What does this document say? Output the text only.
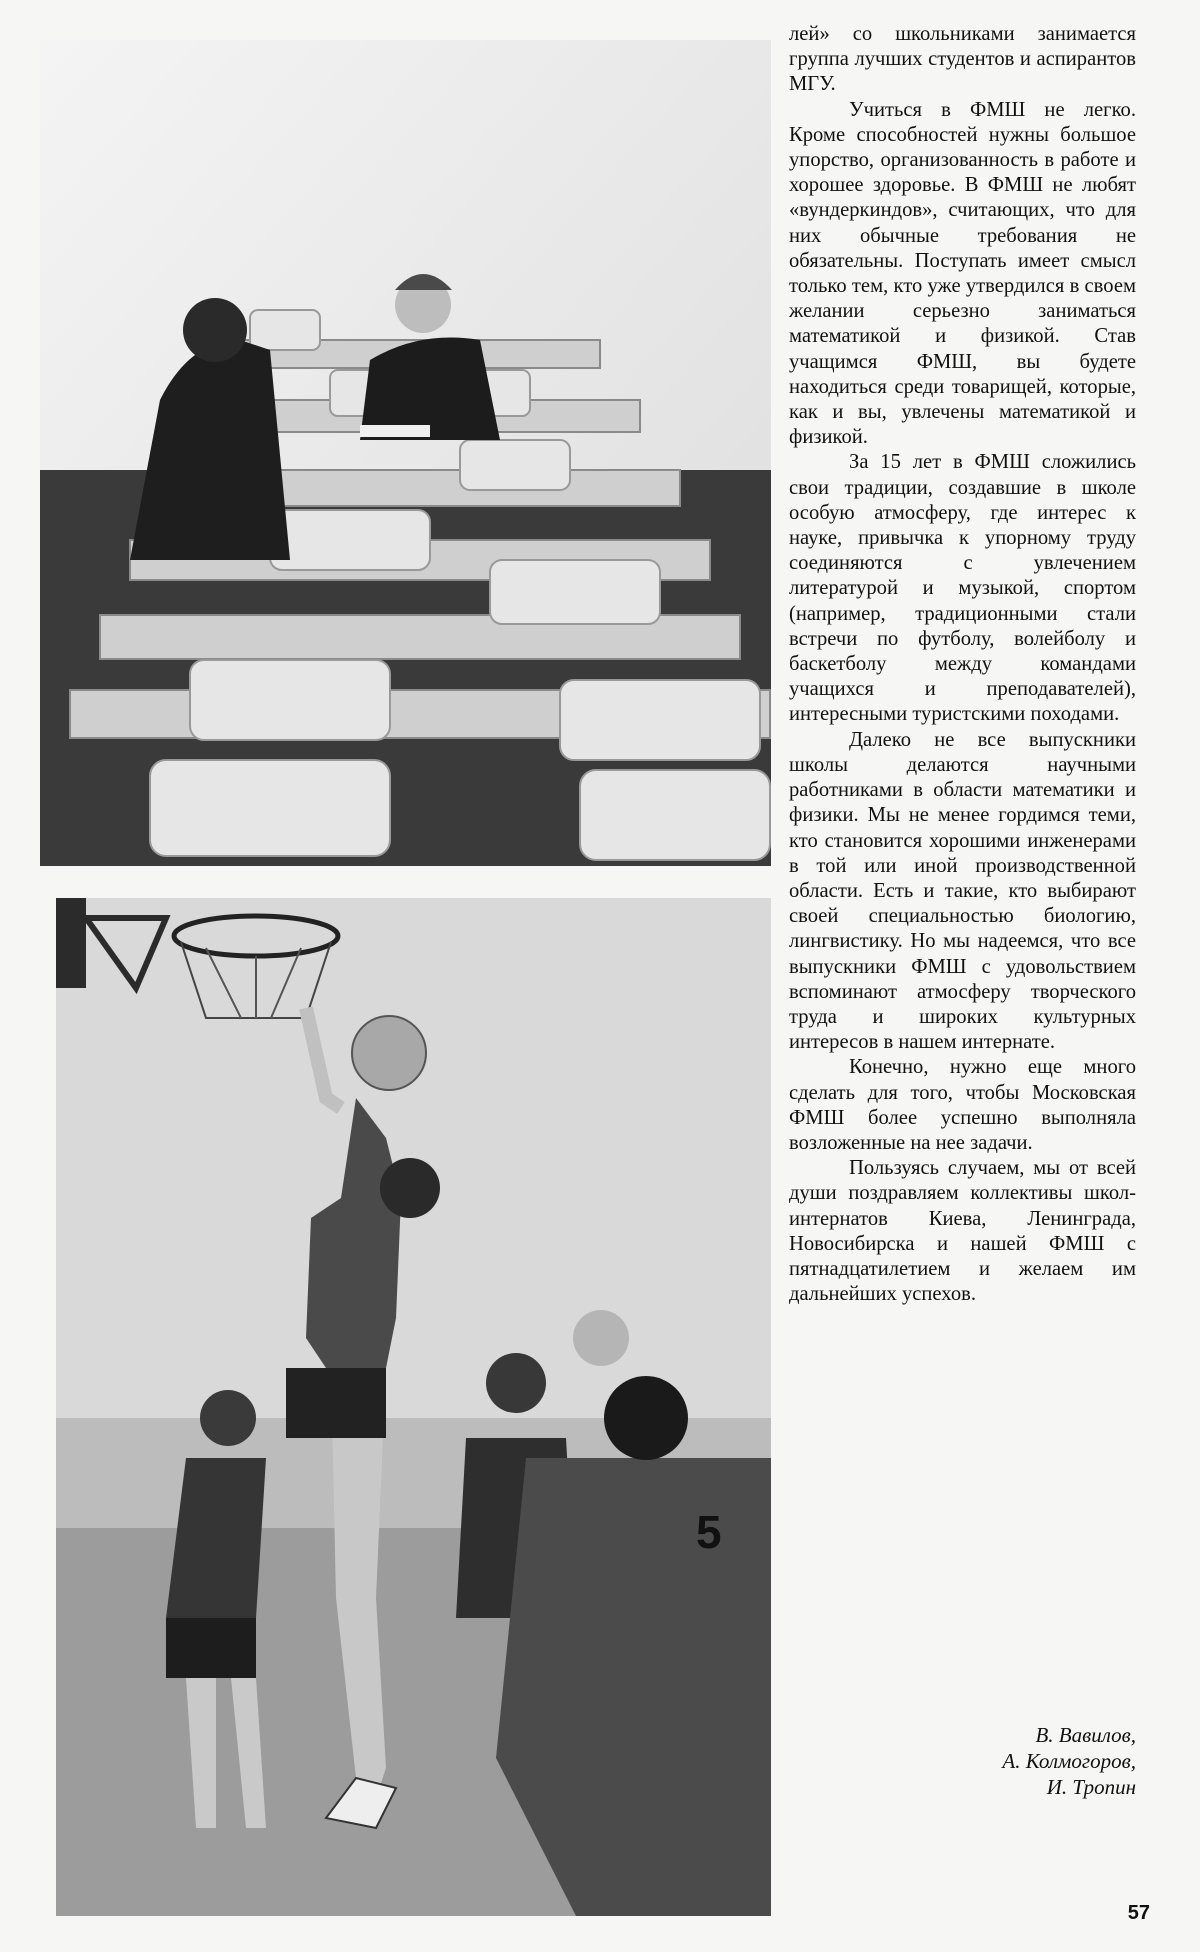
5

лей» со школьниками занимается группа лучших студентов и аспирантов МГУ.

Учиться в ФМШ не легко. Кроме способностей нужны большое упорство, организованность в работе и хорошее здоровье. В ФМШ не любят «вундеркиндов», считающих, что для них обычные требования не обязательны. Поступать имеет смысл только тем, кто уже утвердился в своем желании серьезно заниматься математикой и физикой. Став учащимся ФМШ, вы будете находиться среди товарищей, которые, как и вы, увлечены математикой и физикой.

За 15 лет в ФМШ сложились свои традиции, создавшие в школе особую атмосферу, где интерес к науке, привычка к упорному труду соединяются с увлечением литературой и музыкой, спортом (например, традиционными стали встречи по футболу, волейболу и баскетболу между командами учащихся и преподавателей), интересными туристскими походами.

Далеко не все выпускники школы делаются научными работниками в области математики и физики. Мы не менее гордимся теми, кто становится хорошими инженерами в той или иной производственной области. Есть и такие, кто выбирают своей специальностью биологию, лингвистику. Но мы надеемся, что все выпускники ФМШ с удовольствием вспоминают атмосферу творческого труда и широких культурных интересов в нашем интернате.

Конечно, нужно еще много сделать для того, чтобы Московская ФМШ более успешно выполняла возложенные на нее задачи.

Пользуясь случаем, мы от всей души поздравляем коллективы школ-интернатов Киева, Ленинграда, Новосибирска и нашей ФМШ с пятнадцатилетием и желаем им дальнейших успехов.

В. Вавилов,
А. Колмогоров,
И. Тропин
57
